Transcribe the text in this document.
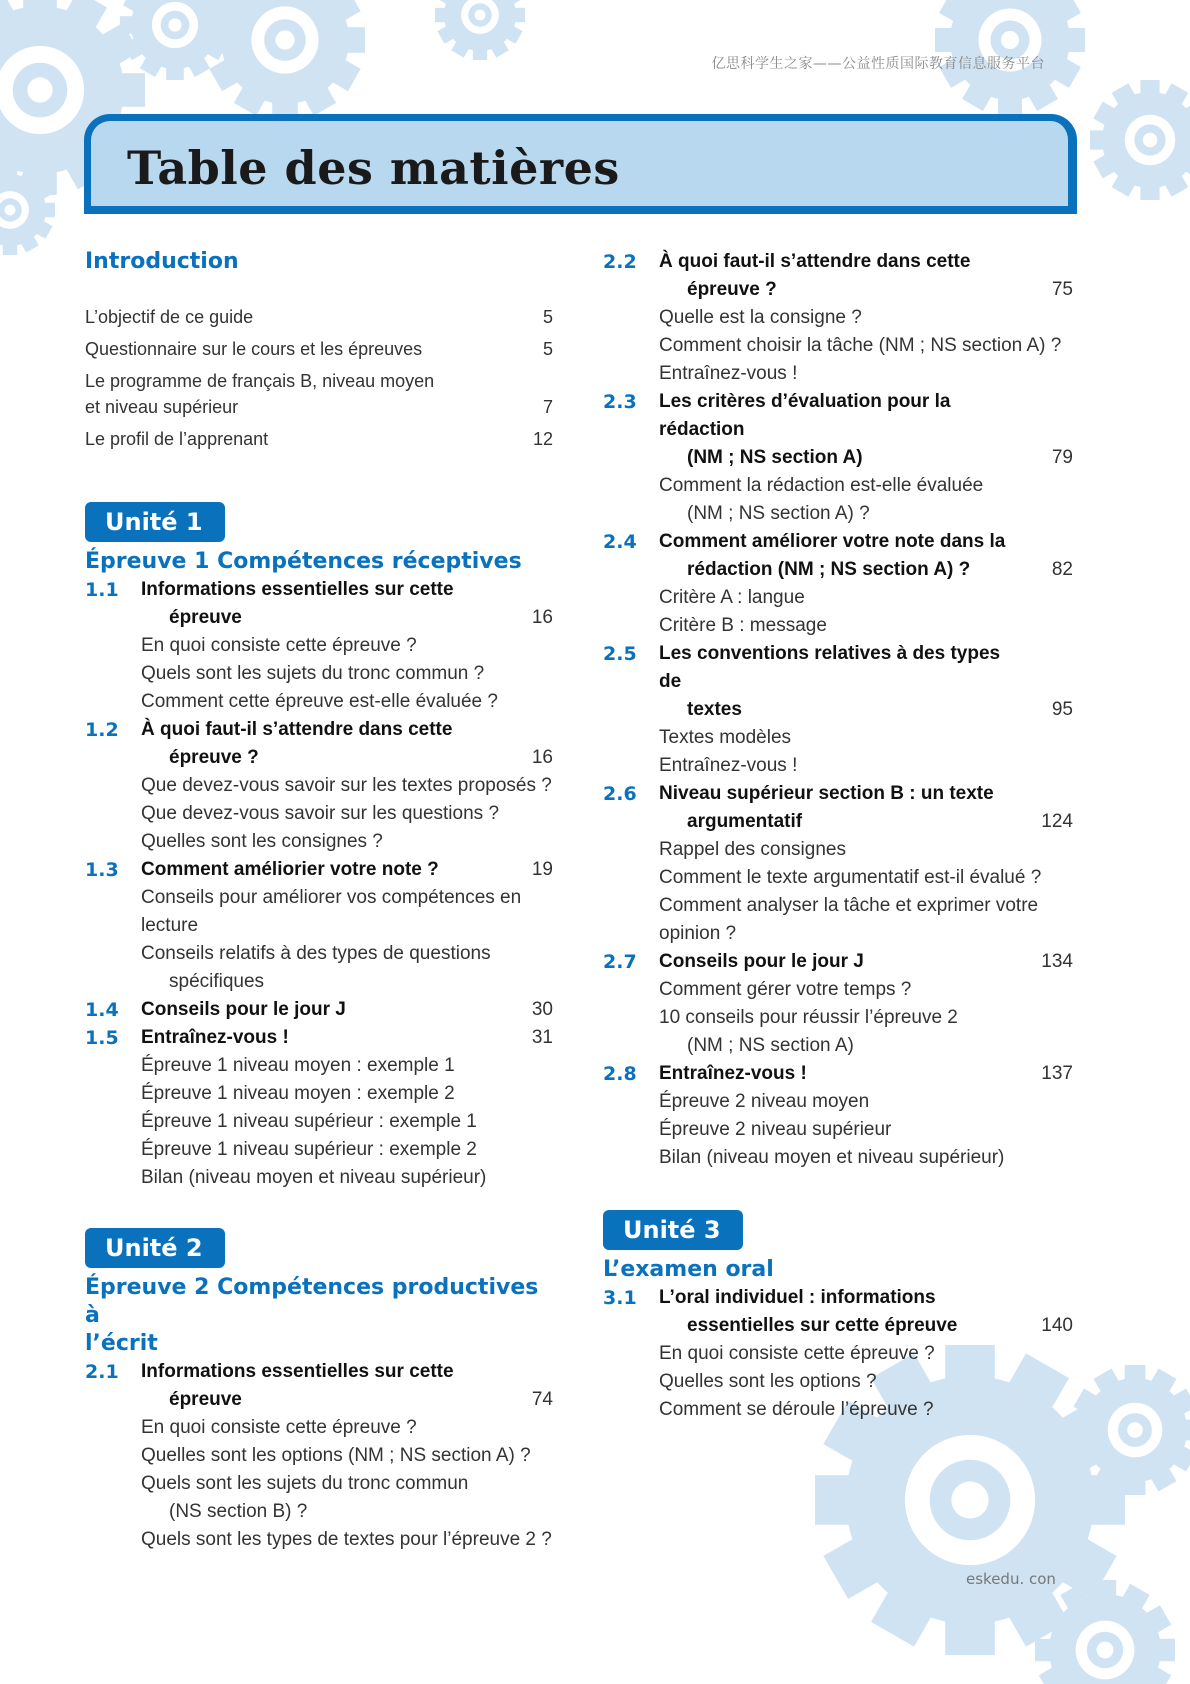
亿思科学生之家——公益性质国际教育信息服务平台
Table des matières
Introduction
L’objectif de ce guide	5
Questionnaire sur le cours et les épreuves	5
Le programme de français B, niveau moyen
et niveau supérieur	7
Le profil de l’apprenant	12
Unité 1
Épreuve 1 Compétences réceptives
1.1	Informations essentielles sur cette
épreuve	16
En quoi consiste cette épreuve ?
Quels sont les sujets du tronc commun ?
Comment cette épreuve est-elle évaluée ?
1.2	À quoi faut-il s’attendre dans cette
épreuve ?	16
Que devez-vous savoir sur les textes proposés ?
Que devez-vous savoir sur les questions ?
Quelles sont les consignes ?
1.3	Comment améliorier votre note ?	19
Conseils pour améliorer vos compétences en lecture
Conseils relatifs à des types de questions
spécifiques
1.4	Conseils pour le jour J	30
1.5	Entraînez-vous !	31
Épreuve 1 niveau moyen : exemple 1
Épreuve 1 niveau moyen : exemple 2
Épreuve 1 niveau supérieur : exemple 1
Épreuve 1 niveau supérieur : exemple 2
Bilan (niveau moyen et niveau supérieur)
Unité 2
Épreuve 2 Compétences productives à
l’écrit
2.1	Informations essentielles sur cette
épreuve	74
En quoi consiste cette épreuve ?
Quelles sont les options (NM ; NS section A) ?
Quels sont les sujets du tronc commun
(NS section B) ?
Quels sont les types de textes pour l’épreuve 2 ?
2.2	À quoi faut-il s’attendre dans cette
épreuve ?	75
Quelle est la consigne ?
Comment choisir la tâche (NM ; NS section A) ?
Entraînez-vous !
2.3	Les critères d’évaluation pour la rédaction
(NM ; NS section A)	79
Comment la rédaction est-elle évaluée
(NM ; NS section A) ?
2.4	Comment améliorer votre note dans la
rédaction (NM ; NS section A) ?	82
Critère A : langue
Critère B : message
2.5	Les conventions relatives à des types de
textes	95
Textes modèles
Entraînez-vous !
2.6	Niveau supérieur section B : un texte
argumentatif	124
Rappel des consignes
Comment le texte argumentatif est-il évalué ?
Comment analyser la tâche et exprimer votre opinion ?
2.7	Conseils pour le jour J	134
Comment gérer votre temps ?
10 conseils pour réussir l’épreuve 2
(NM ; NS section A)
2.8	Entraînez-vous !	137
Épreuve 2 niveau moyen
Épreuve 2 niveau supérieur
Bilan (niveau moyen et niveau supérieur)
Unité 3
L’examen oral
3.1	L’oral individuel : informations
essentielles sur cette épreuve	140
En quoi consiste cette épreuve ?
Quelles sont les options ?
Comment se déroule l’épreuve ?
eskedu. con
